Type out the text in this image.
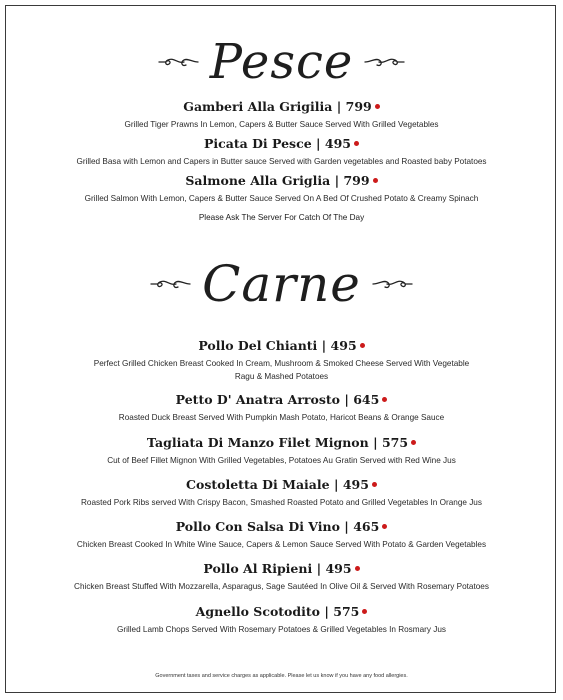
Pesce
Gamberi Alla Grigilia | 799
Grilled Tiger Prawns In Lemon, Capers & Butter Sauce Served With Grilled Vegetables
Picata Di Pesce | 495
Grilled Basa with Lemon and Capers in Butter sauce Served with Garden vegetables and Roasted baby Potatoes
Salmone Alla Griglia | 799
Grilled Salmon With Lemon, Capers & Butter Sauce Served On A Bed Of Crushed Potato & Creamy Spinach
Please Ask The Server For Catch Of The Day
Carne
Pollo Del Chianti | 495
Perfect Grilled Chicken Breast Cooked In Cream, Mushroom & Smoked Cheese Served With Vegetable Ragu & Mashed Potatoes
Petto D' Anatra Arrosto | 645
Roasted Duck Breast Served With Pumpkin Mash Potato, Haricot Beans & Orange Sauce
Tagliata Di Manzo Filet Mignon | 575
Cut of Beef Fillet Mignon With Grilled Vegetables, Potatoes Au Gratin Served with Red Wine Jus
Costoletta Di Maiale | 495
Roasted Pork Ribs served With Crispy Bacon, Smashed Roasted Potato and Grilled Vegetables In Orange Jus
Pollo Con Salsa Di Vino | 465
Chicken Breast Cooked In White Wine Sauce, Capers & Lemon Sauce Served With Potato & Garden Vegetables
Pollo Al Ripieni | 495
Chicken Breast Stuffed With Mozzarella, Asparagus, Sage Sautéed In Olive Oil & Served With Rosemary Potatoes
Agnello Scotodito | 575
Grilled Lamb Chops Served With Rosemary Potatoes & Grilled Vegetables In Rosmary Jus
Government taxes and service charges as applicable. Please let us know if you have any food allergies.
